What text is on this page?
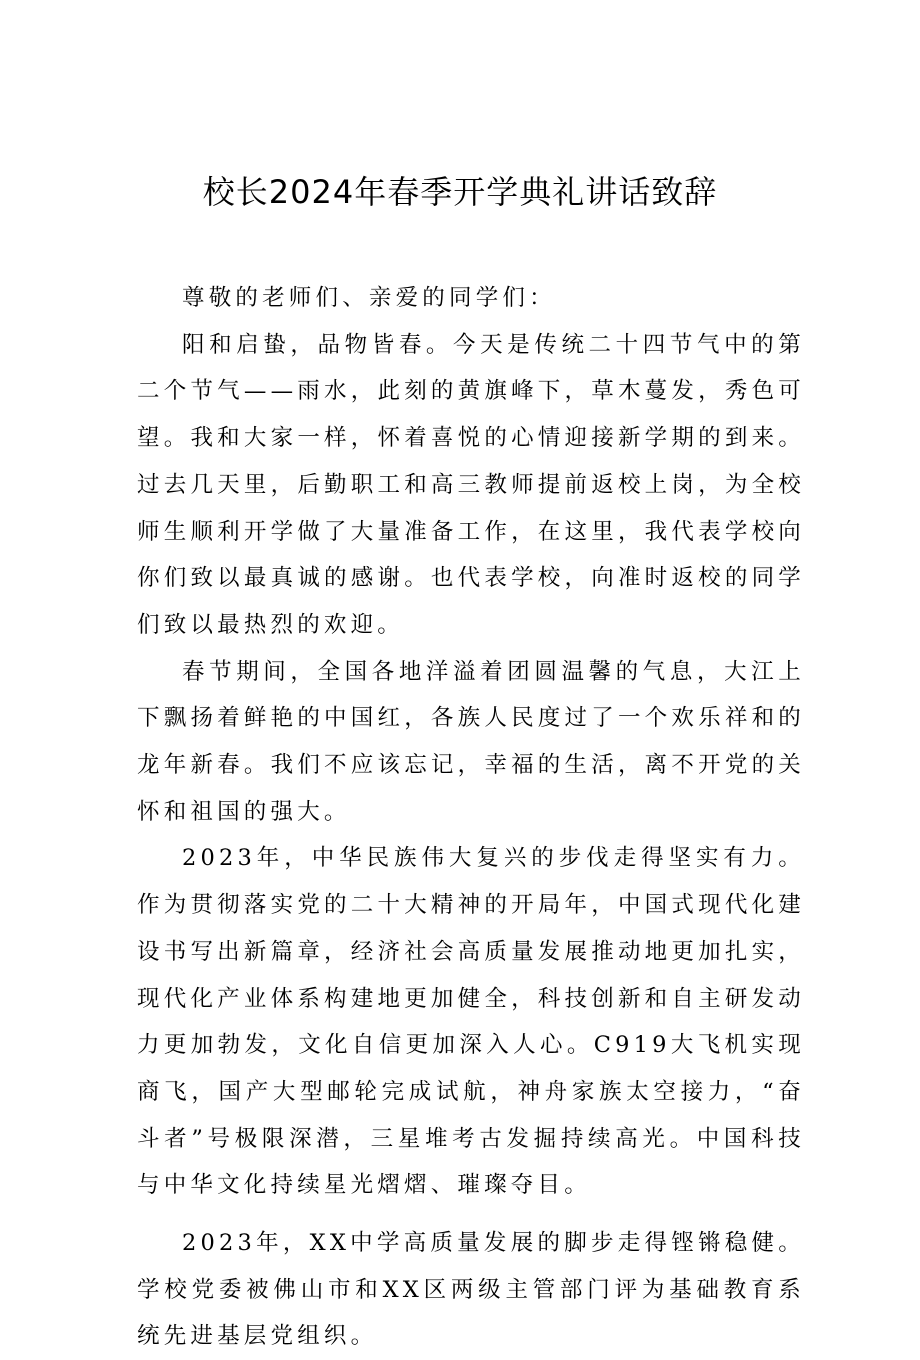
校长2024年春季开学典礼讲话致辞

尊敬的老师们、亲爱的同学们：

阳和启蛰，品物皆春。今天是传统二十四节气中的第二个节气——雨水，此刻的黄旗峰下，草木蔓发，秀色可望。我和大家一样，怀着喜悦的心情迎接新学期的到来。过去几天里，后勤职工和高三教师提前返校上岗，为全校师生顺利开学做了大量准备工作，在这里，我代表学校向你们致以最真诚的感谢。也代表学校，向准时返校的同学们致以最热烈的欢迎。

春节期间，全国各地洋溢着团圆温馨的气息，大江上下飘扬着鲜艳的中国红，各族人民度过了一个欢乐祥和的龙年新春。我们不应该忘记，幸福的生活，离不开党的关怀和祖国的强大。

2023年，中华民族伟大复兴的步伐走得坚实有力。作为贯彻落实党的二十大精神的开局年，中国式现代化建设书写出新篇章，经济社会高质量发展推动地更加扎实，现代化产业体系构建地更加健全，科技创新和自主研发动力更加勃发，文化自信更加深入人心。C919大飞机实现商飞，国产大型邮轮完成试航，神舟家族太空接力，“奋斗者”号极限深潜，三星堆考古发掘持续高光。中国科技与中华文化持续星光熠熠、璀璨夺目。

2023年，XX中学高质量发展的脚步走得铿锵稳健。学校党委被佛山市和XX区两级主管部门评为基础教育系统先进基层党组织。
